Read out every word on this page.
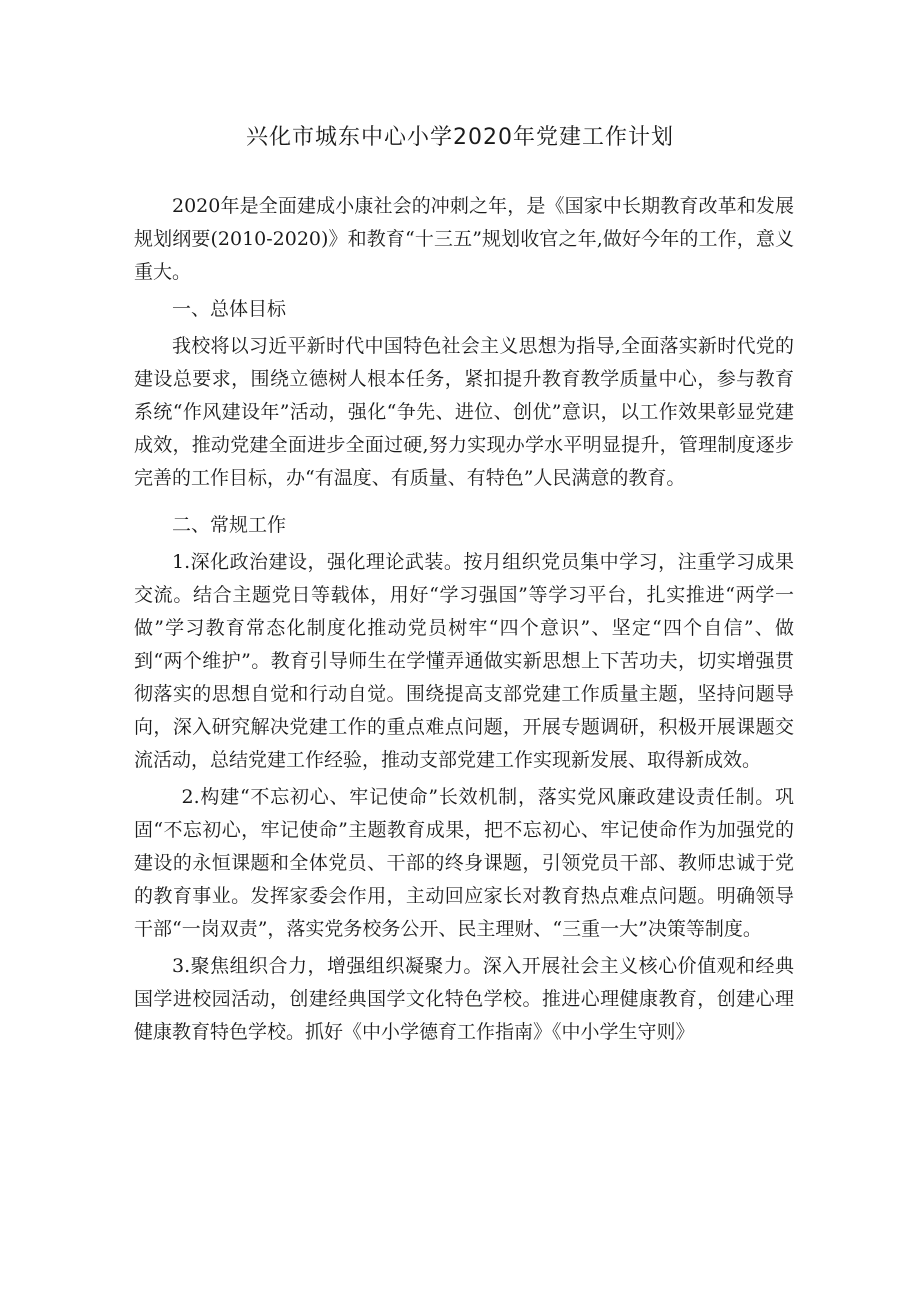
兴化市城东中心小学2020年党建工作计划

2020年是全面建成小康社会的冲刺之年，是《国家中长期教育改革和发展规划纲要(2010-2020)》和教育“十三五”规划收官之年,做好今年的工作，意义重大。

一、总体目标

我校将以习近平新时代中国特色社会主义思想为指导,全面落实新时代党的建设总要求，围绕立德树人根本任务，紧扣提升教育教学质量中心，参与教育系统“作风建设年”活动，强化“争先、进位、创优”意识，以工作效果彰显党建成效，推动党建全面进步全面过硬,努力实现办学水平明显提升，管理制度逐步完善的工作目标，办“有温度、有质量、有特色”人民满意的教育。

二、常规工作

1.深化政治建设，强化理论武装。按月组织党员集中学习，注重学习成果交流。结合主题党日等载体，用好“学习强国”等学习平台，扎实推进“两学一做”学习教育常态化制度化推动党员树牢“四个意识”、坚定“四个自信”、做到“两个维护”。教育引导师生在学懂弄通做实新思想上下苦功夫，切实增强贯彻落实的思想自觉和行动自觉。围绕提高支部党建工作质量主题，坚持问题导向，深入研究解决党建工作的重点难点问题，开展专题调研，积极开展课题交流活动，总结党建工作经验，推动支部党建工作实现新发展、取得新成效。

2.构建“不忘初心、牢记使命”长效机制，落实党风廉政建设责任制。巩固“不忘初心，牢记使命”主题教育成果，把不忘初心、牢记使命作为加强党的建设的永恒课题和全体党员、干部的终身课题，引领党员干部、教师忠诚于党的教育事业。发挥家委会作用，主动回应家长对教育热点难点问题。明确领导干部“一岗双责”，落实党务校务公开、民主理财、“三重一大”决策等制度。

3.聚焦组织合力，增强组织凝聚力。深入开展社会主义核心价值观和经典国学进校园活动，创建经典国学文化特色学校。推进心理健康教育，创建心理健康教育特色学校。抓好《中小学德育工作指南》《中小学生守则》
